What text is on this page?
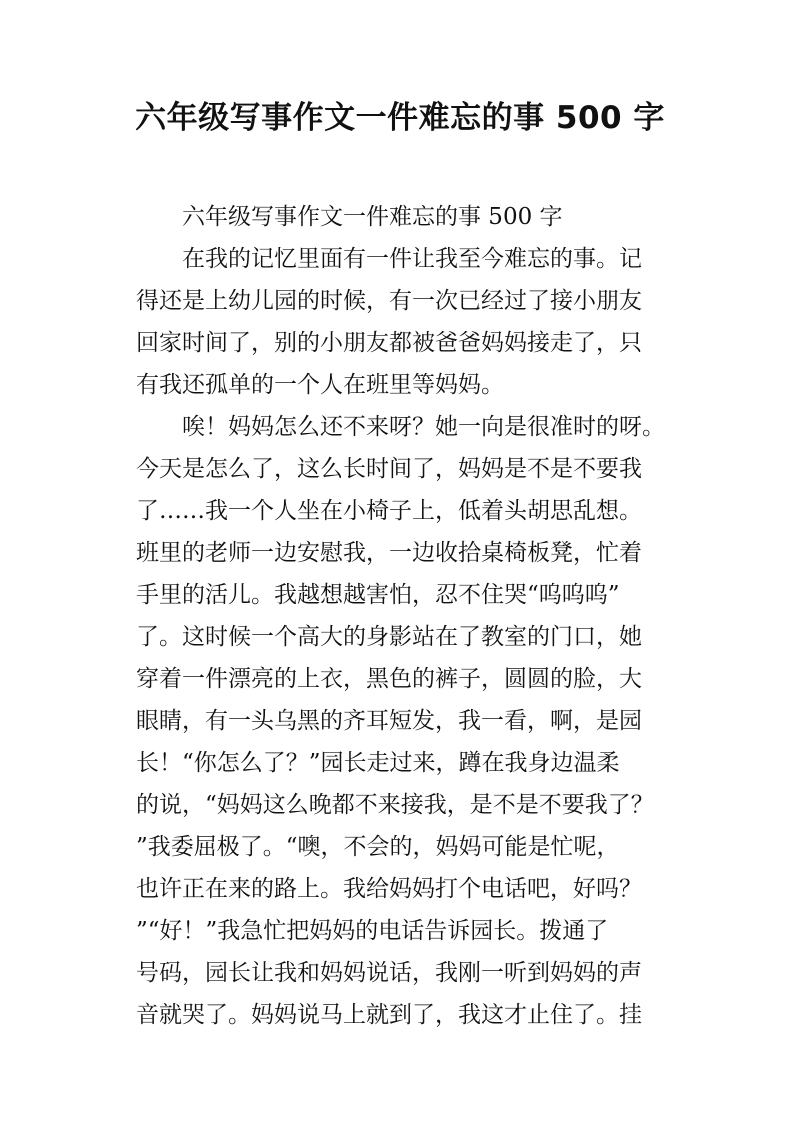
六年级写事作文一件难忘的事 500 字

六年级写事作文一件难忘的事 500 字

在我的记忆里面有一件让我至今难忘的事。记
得还是上幼儿园的时候，有一次已经过了接小朋友
回家时间了，别的小朋友都被爸爸妈妈接走了，只
有我还孤单的一个人在班里等妈妈。

唉！妈妈怎么还不来呀？她一向是很准时的呀。
今天是怎么了，这么长时间了，妈妈是不是不要我
了……我一个人坐在小椅子上，低着头胡思乱想。
班里的老师一边安慰我，一边收拾桌椅板凳，忙着
手里的活儿。我越想越害怕，忍不住哭“呜呜呜”
了。这时候一个高大的身影站在了教室的门口，她
穿着一件漂亮的上衣，黑色的裤子，圆圆的脸，大
眼睛，有一头乌黑的齐耳短发，我一看，啊，是园
长！“你怎么了？”园长走过来，蹲在我身边温柔
的说，“妈妈这么晚都不来接我，是不是不要我了？
”我委屈极了。“噢，不会的，妈妈可能是忙呢，
也许正在来的路上。我给妈妈打个电话吧，好吗？
”“好！”我急忙把妈妈的电话告诉园长。拨通了
号码，园长让我和妈妈说话，我刚一听到妈妈的声
音就哭了。妈妈说马上就到了，我这才止住了。挂
